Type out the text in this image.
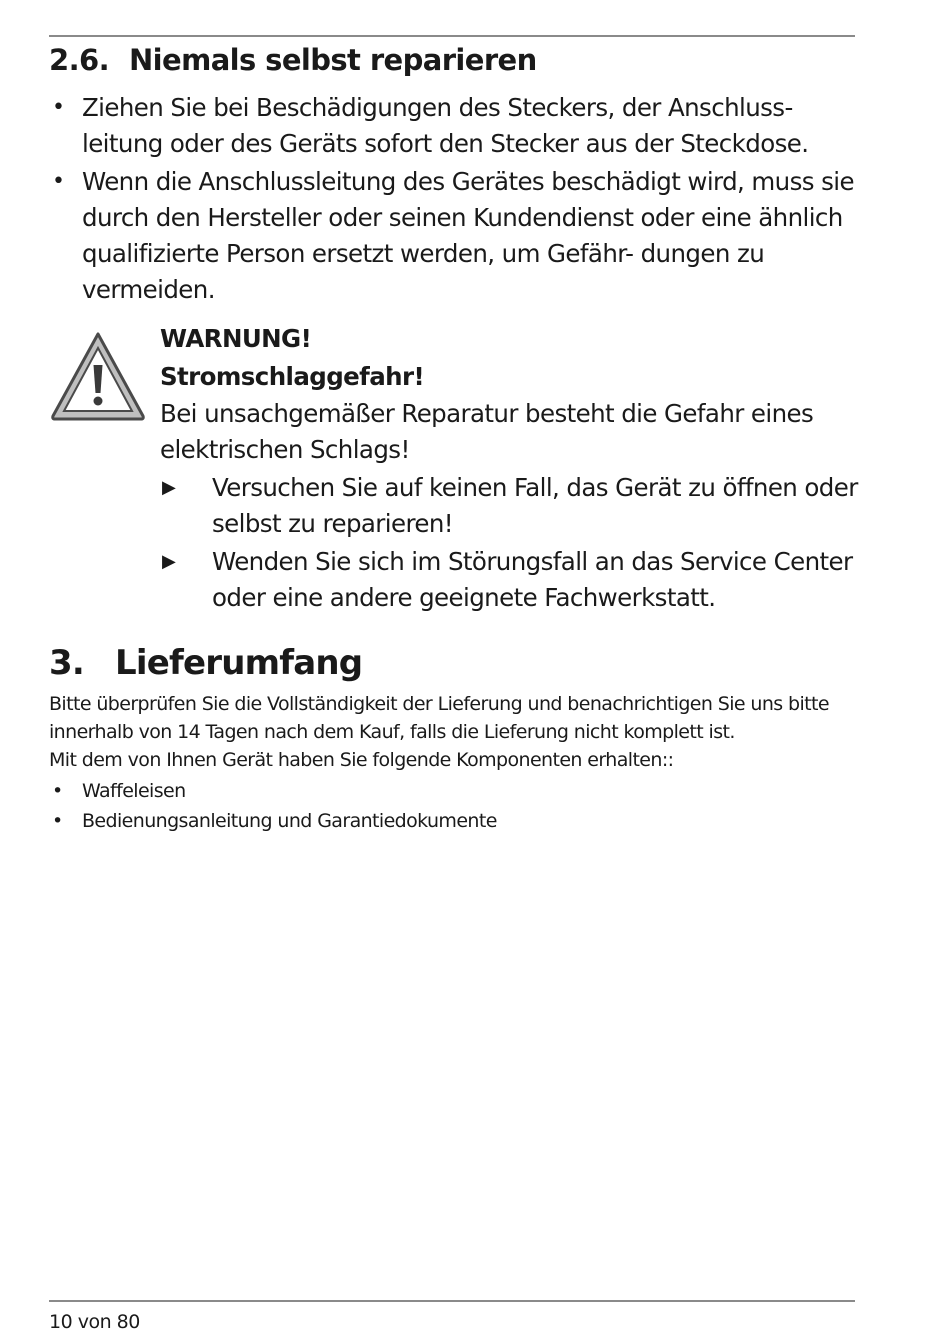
2.6. Niemals selbst reparieren
• Ziehen Sie bei Beschädigungen des Steckers, der Anschluss- leitung oder des Geräts sofort den Stecker aus der Steckdose.
• Wenn die Anschlussleitung des Gerätes beschädigt wird, muss sie durch den Hersteller oder seinen Kundendienst oder eine ähnlich qualifizierte Person ersetzt werden, um Gefähr- dungen zu vermeiden.
WARNUNG!
Stromschlaggefahr!
Bei unsachgemäßer Reparatur besteht die Gefahr eines elektrischen Schlags!
▶ Versuchen Sie auf keinen Fall, das Gerät zu öffnen oder selbst zu reparieren!
▶ Wenden Sie sich im Störungsfall an das Service Center oder eine andere geeignete Fachwerkstatt.
3. Lieferumfang

Bitte überprüfen Sie die Vollständigkeit der Lieferung und benachrichtigen Sie uns bitte innerhalb von 14 Tagen nach dem Kauf, falls die Lieferung nicht komplett ist.

Mit dem von Ihnen Gerät haben Sie folgende Komponenten erhalten::

• Waffeleisen
• Bedienungsanleitung und Garantiedokumente
10 von 80
